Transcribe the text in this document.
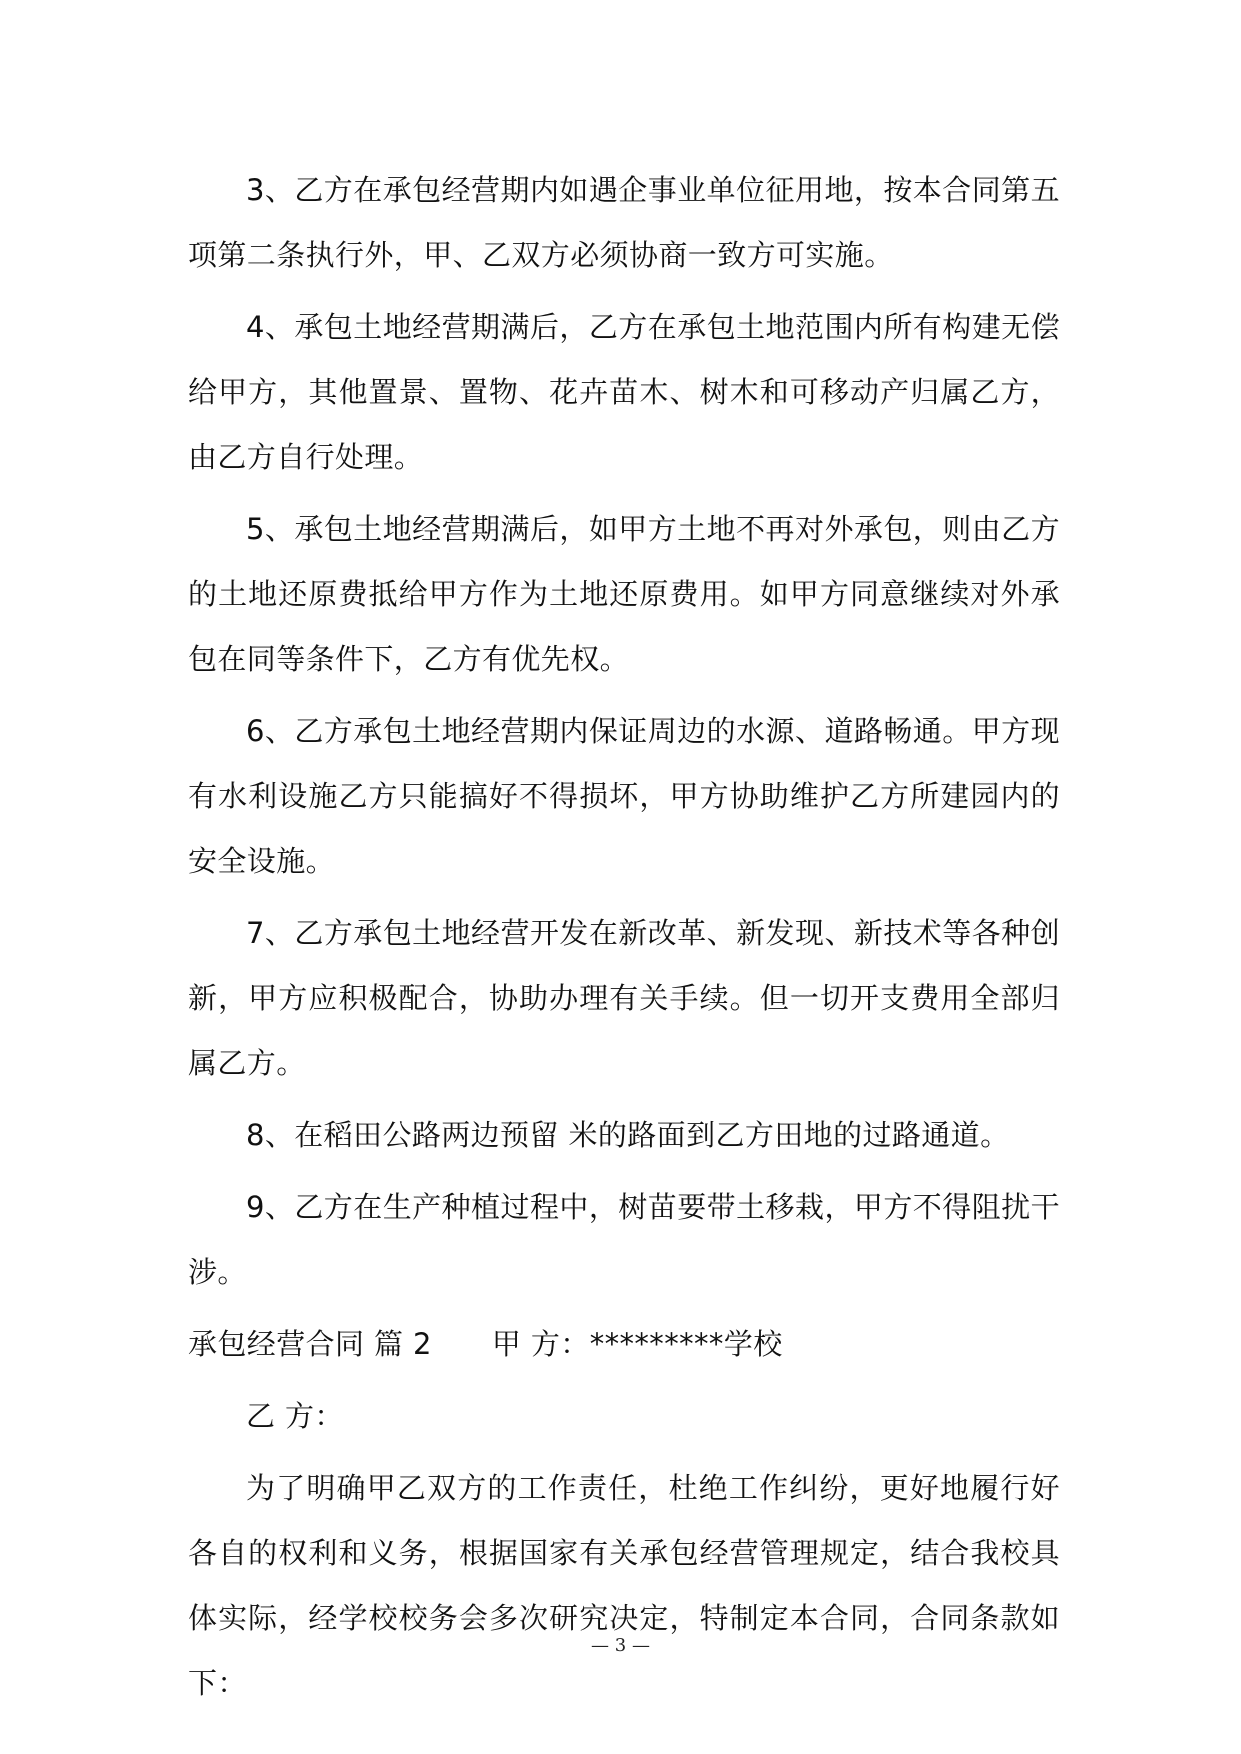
3、乙方在承包经营期内如遇企事业单位征用地，按本合同第五项第二条执行外，甲、乙双方必须协商一致方可实施。

4、承包土地经营期满后，乙方在承包土地范围内所有构建无偿给甲方，其他置景、置物、花卉苗木、树木和可移动产归属乙方，由乙方自行处理。

5、承包土地经营期满后，如甲方土地不再对外承包，则由乙方的土地还原费抵给甲方作为土地还原费用。如甲方同意继续对外承包在同等条件下，乙方有优先权。

6、乙方承包土地经营期内保证周边的水源、道路畅通。甲方现有水利设施乙方只能搞好不得损坏，甲方协助维护乙方所建园内的安全设施。

7、乙方承包土地经营开发在新改革、新发现、新技术等各种创新，甲方应积极配合，协助办理有关手续。但一切开支费用全部归属乙方。

8、在稻田公路两边预留 米的路面到乙方田地的过路通道。

9、乙方在生产种植过程中，树苗要带土移栽，甲方不得阻扰干涉。

承包经营合同 篇 2 甲 方：*********学校

乙 方：

为了明确甲乙双方的工作责任，杜绝工作纠纷，更好地履行好各自的权利和义务，根据国家有关承包经营管理规定，结合我校具体实际，经学校校务会多次研究决定，特制定本合同，合同条款如下：

— 3 —
